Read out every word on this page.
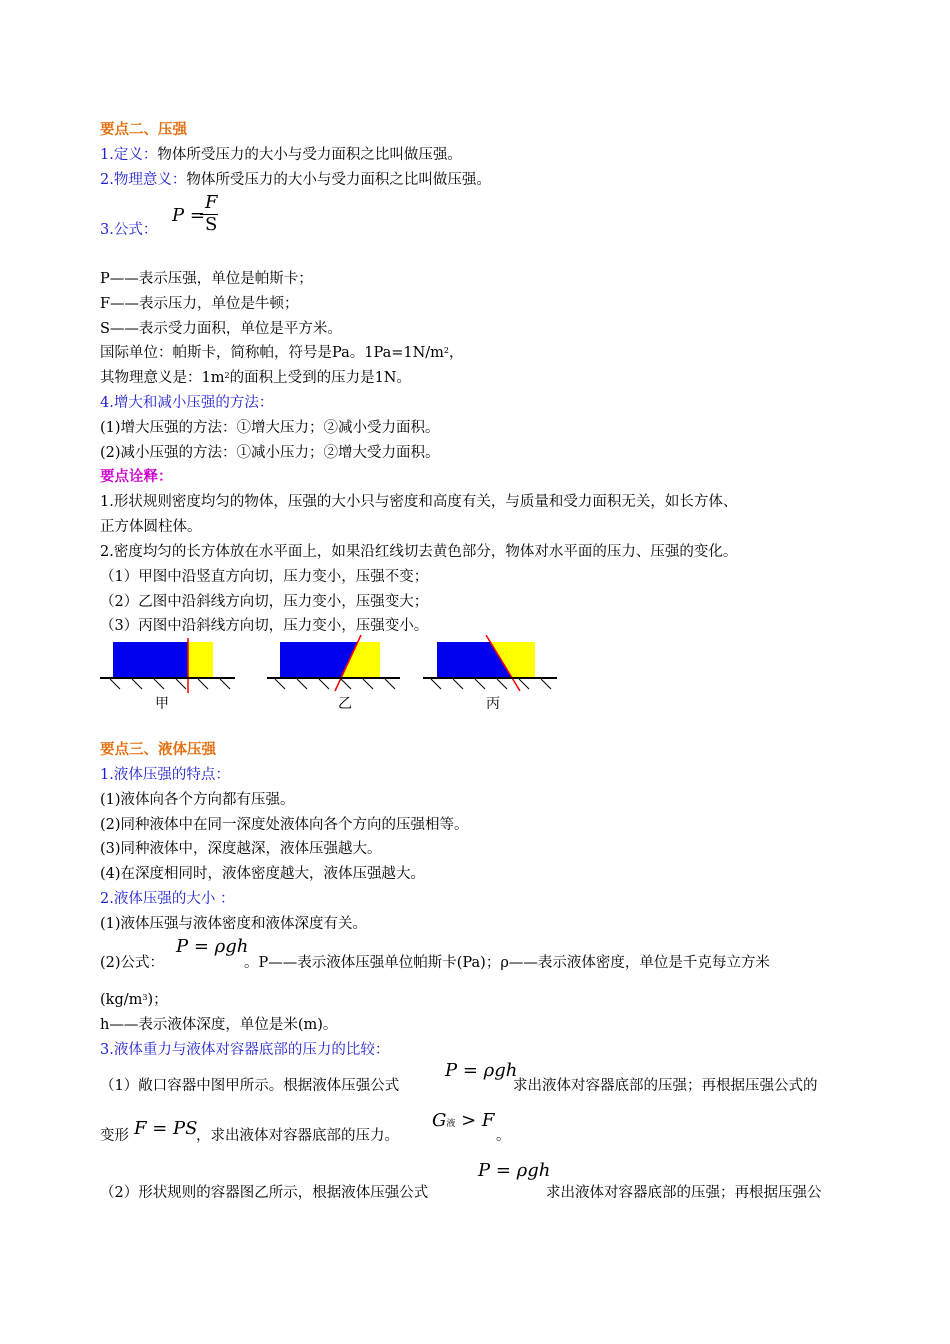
要点二、压强
1.定义：物体所受压力的大小与受力面积之比叫做压强。
2.物理意义：物体所受压力的大小与受力面积之比叫做压强。
3.公式：
P =
F
S
P——表示压强，单位是帕斯卡；
F——表示压力，单位是牛顿；
S——表示受力面积，单位是平方米。
国际单位：帕斯卡，简称帕，符号是Pa。$1Pa=1N/m^2$，
其物理意义是：$1m^2$的面积上受到的压力是1N。
4.增大和减小压强的方法：
(1)增大压强的方法：①增大压力；②减小受力面积。
(2)减小压强的方法：①减小压力；②增大受力面积。
要点诠释：
1.形状规则密度均匀的物体，压强的大小只与密度和高度有关，与质量和受力面积无关，如长方体、
正方体圆柱体。
2.密度均匀的长方体放在水平面上，如果沿红线切去黄色部分，物体对水平面的压力、压强的变化。
（1）甲图中沿竖直方向切，压力变小，压强不变；
（2）乙图中沿斜线方向切，压力变小，压强变大；
（3）丙图中沿斜线方向切，压力变小，压强变小。
甲	乙	丙
要点三、液体压强
1.液体压强的特点：
(1)液体向各个方向都有压强。
(2)同种液体中在同一深度处液体向各个方向的压强相等。
(3)同种液体中，深度越深，液体压强越大。
(4)在深度相同时，液体密度越大，液体压强越大。
2.液体压强的大小 ：
(1)液体压强与液体密度和液体深度有关。
(2)公式：
P = ρgh
。P——表示液体压强单位帕斯卡(Pa)；ρ——表示液体密度，单位是千克每立方米
$(kg/m^3)$；
h——表示液体深度，单位是米(m)。
3.液体重力与液体对容器底部的压力的比较：
（1）敞口容器中图甲所示。根据液体压强公式
P = ρgh
求出液体对容器底部的压强；再根据压强公式的
变形 F = PS
，求出液体对容器底部的压力。
G液 > F
。
（2）形状规则的容器图乙所示，根据液体压强公式
P = ρgh
求出液体对容器底部的压强；再根据压强公
